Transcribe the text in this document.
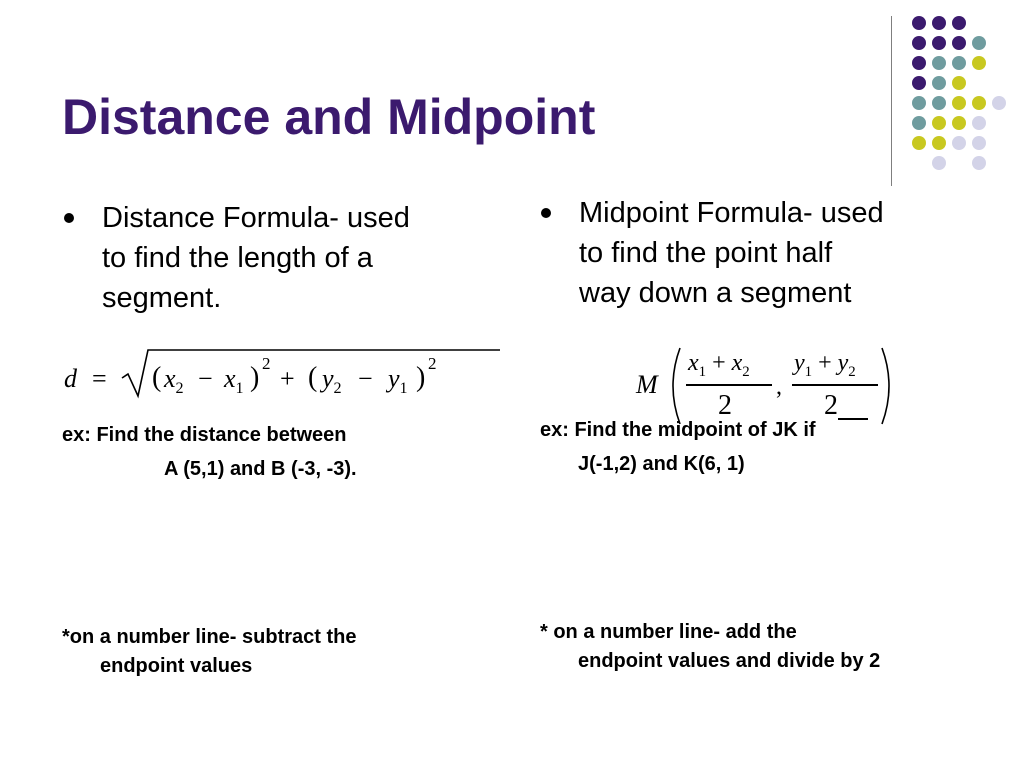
Distance and Midpoint
Distance Formula- used
to find the length of a
segment.
d = ( $x_2 - x_1$ ) 2
+ ( $y_2 - y_1$ ) 2
ex: Find the distance between
A (5,1) and B (-3, -3).
*on a number line- subtract the
endpoint values
Midpoint Formula- used
to find the point half
way down a segment
M
$x_1 + x_2$
2
,
$y_1 + y_2$
2
ex: Find the midpoint of JK if
J(-1,2) and K(6, 1)
* on a number line- add the
endpoint values and divide by 2
